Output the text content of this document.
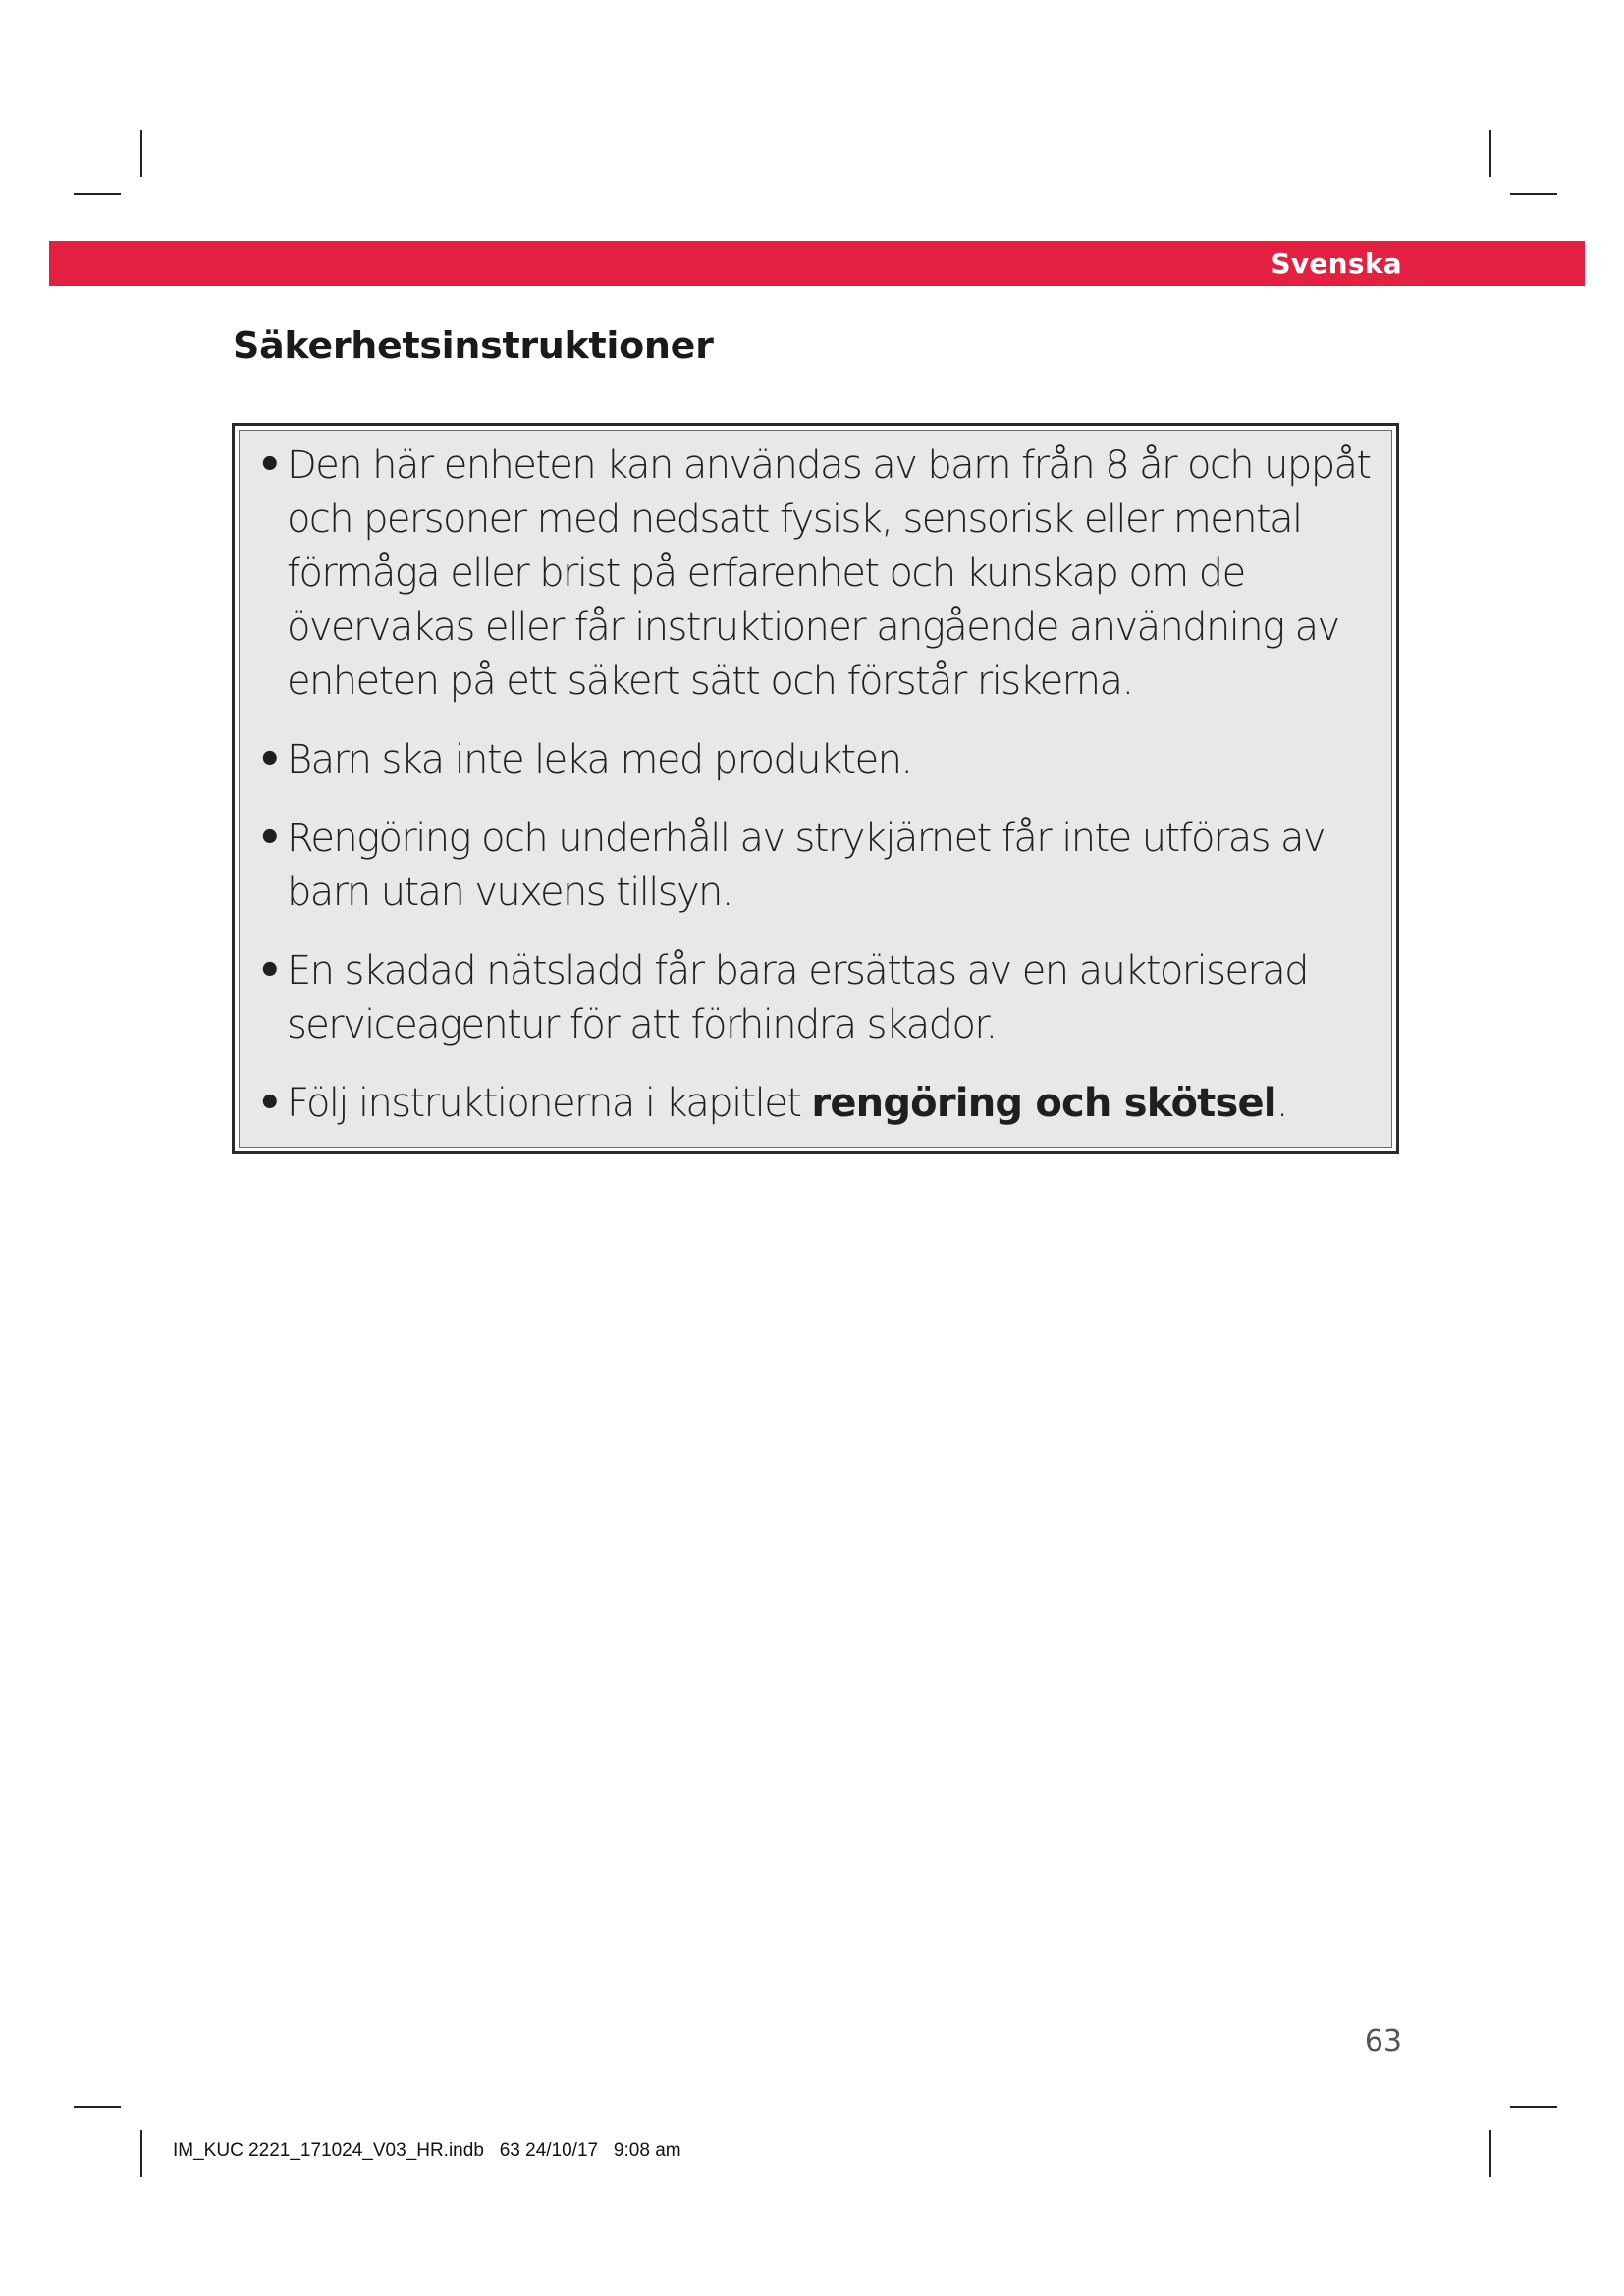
Svenska
Säkerhetsinstruktioner
• Den här enheten kan användas av barn från 8 år och uppåt och personer med nedsatt fysisk, sensorisk eller mental förmåga eller brist på erfarenhet och kunskap om de övervakas eller får instruktioner angående användning av enheten på ett säkert sätt och förstår riskerna.
• Barn ska inte leka med produkten.
• Rengöring och underhåll av strykjärnet får inte utföras av barn utan vuxens tillsyn.
• En skadad nätsladd får bara ersättas av en auktoriserad serviceagentur för att förhindra skador.
• Följ instruktionerna i kapitlet rengöring och skötsel.
63
IM_KUC 2221_171024_V03_HR.indb   63 24/10/17   9:08 am
